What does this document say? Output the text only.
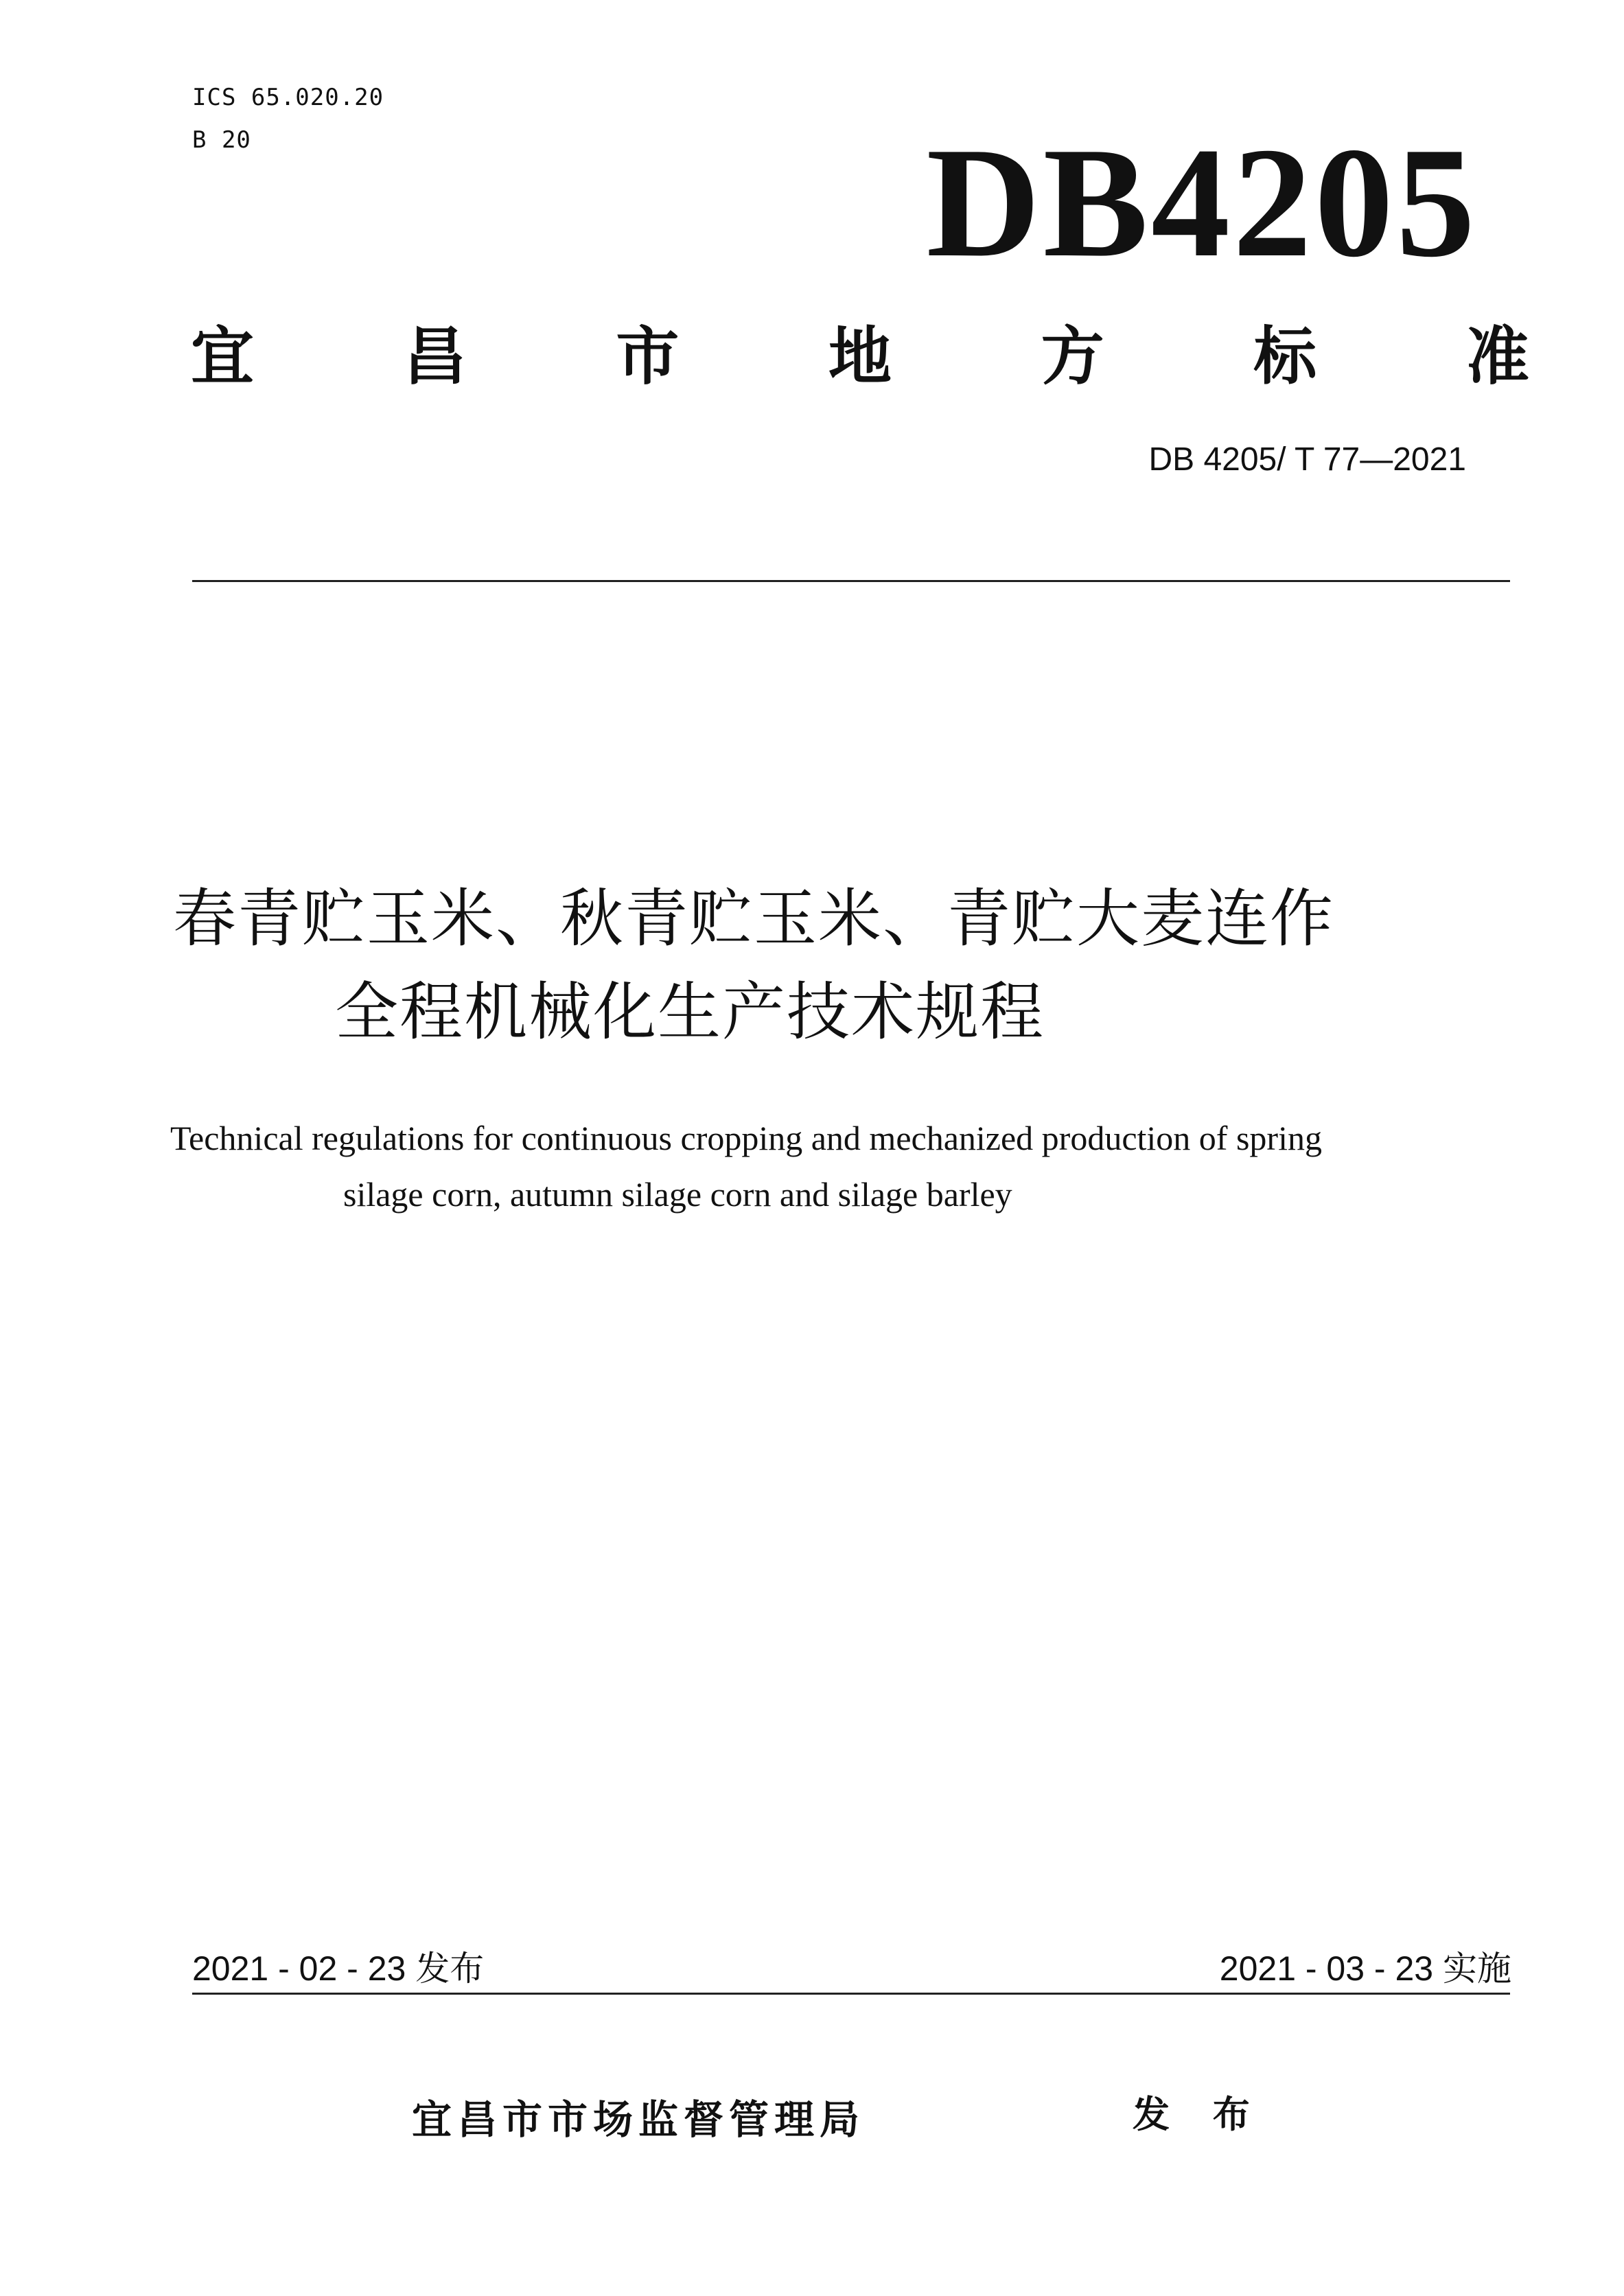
ICS 65.020.20
B 20	DB4205
宜 昌 市 地 方 标 准
DB 4205/ T 77—2021
春青贮玉米、秋青贮玉米、青贮大麦连作
全程机械化生产技术规程
Technical regulations for continuous cropping and mechanized production of spring
silage corn, autumn silage corn and silage barley
2021 - 02 - 23 发布	2021 - 03 - 23 实施
宜昌市市场监督管理局	发 布
